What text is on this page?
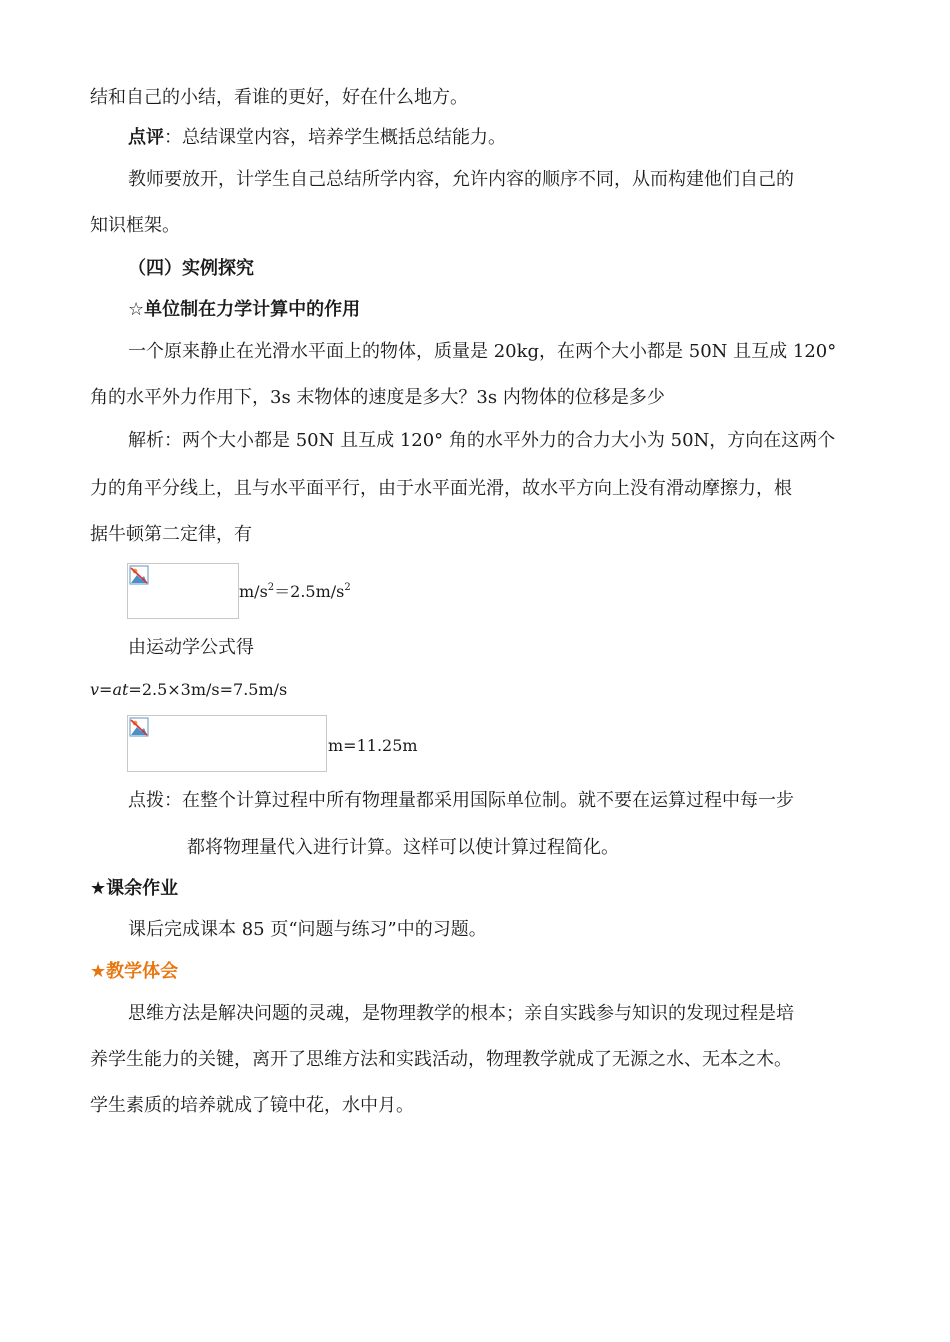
结和自己的小结，看谁的更好，好在什么地方。
点评：总结课堂内容，培养学生概括总结能力。
教师要放开，计学生自己总结所学内容，允许内容的顺序不同，从而构建他们自己的
知识框架。
（四）实例探究
☆单位制在力学计算中的作用
一个原来静止在光滑水平面上的物体，质量是 20kg，在两个大小都是 50N 且互成 120°
角的水平外力作用下，3s 末物体的速度是多大？3s 内物体的位移是多少
解析：两个大小都是 50N 且互成 120° 角的水平外力的合力大小为 50N，方向在这两个
力的角平分线上，且与水平面平行，由于水平面光滑，故水平方向上没有滑动摩擦力，根
据牛顿第二定律，有
$m/s^2=2.5m/s^2$
由运动学公式得
v=at=2.5×3m/s=7.5m/s
m=11.25m
点拨：在整个计算过程中所有物理量都采用国际单位制。就不要在运算过程中每一步
都将物理量代入进行计算。这样可以使计算过程简化。
★课余作业
课后完成课本 85 页“问题与练习”中的习题。
★教学体会
思维方法是解决问题的灵魂，是物理教学的根本；亲自实践参与知识的发现过程是培
养学生能力的关键，离开了思维方法和实践活动，物理教学就成了无源之水、无本之木。
学生素质的培养就成了镜中花，水中月。
